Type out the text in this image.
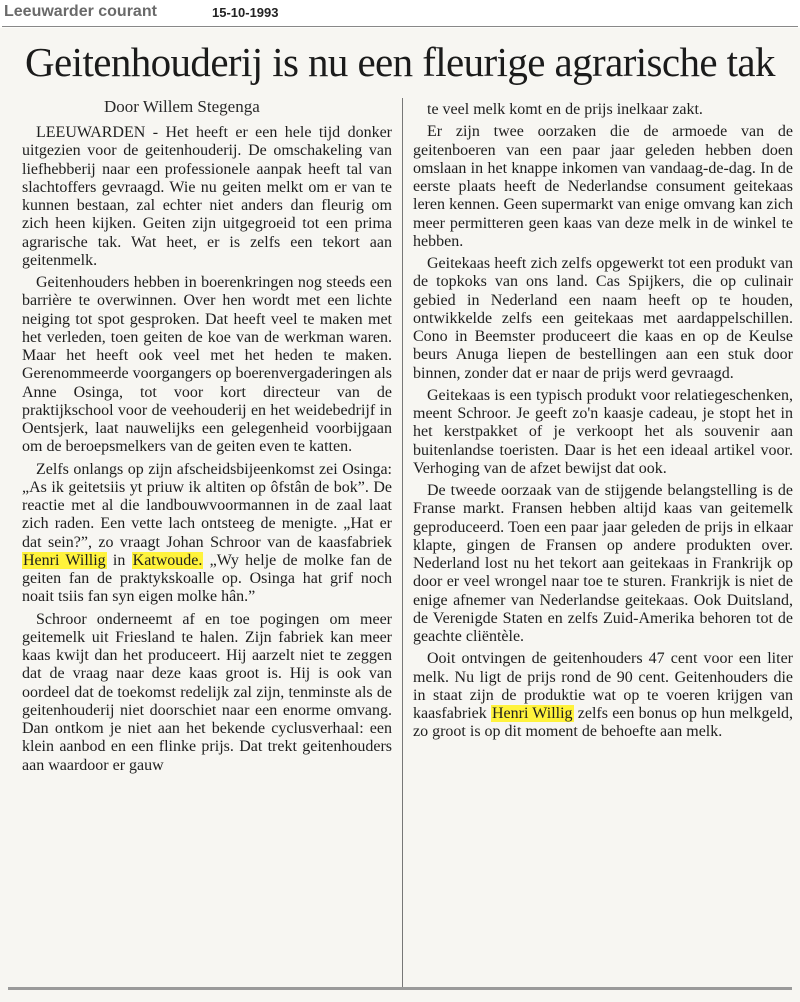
Leeuwarder courant	15-10-1993
Geitenhouderij is nu een fleurige agrarische tak
Door Willem Stegenga

LEEUWARDEN - Het heeft er een hele tijd donker uitgezien voor de geitenhouderij. De omschakeling van liefhebberij naar een professionele aanpak heeft tal van slachtoffers gevraagd. Wie nu geiten melkt om er van te kunnen bestaan, zal echter niet anders dan fleurig om zich heen kijken. Geiten zijn uitgegroeid tot een prima agrarische tak. Wat heet, er is zelfs een tekort aan geitenmelk.

Geitenhouders hebben in boerenkringen nog steeds een barrière te overwinnen. Over hen wordt met een lichte neiging tot spot gesproken. Dat heeft veel te maken met het verleden, toen geiten de koe van de werkman waren. Maar het heeft ook veel met het heden te maken. Gerenommeerde voorgangers op boerenvergaderingen als Anne Osinga, tot voor kort directeur van de praktijkschool voor de veehouderij en het weidebedrijf in Oentsjerk, laat nauwelijks een gelegenheid voorbijgaan om de beroepsmelkers van de geiten even te katten.

Zelfs onlangs op zijn afscheidsbijeenkomst zei Osinga: „As ik geitetsiis yt priuw ik altiten op ôfstân de bok”. De reactie met al die landbouwvoormannen in de zaal laat zich raden. Een vette lach ontsteeg de menigte. „Hat er dat sein?”, zo vraagt Johan Schroor van de kaasfabriek Henri Willig in Katwoude. „Wy helje de molke fan de geiten fan de praktykskoalle op. Osinga hat grif noch noait tsiis fan syn eigen molke hân.”

Schroor onderneemt af en toe pogingen om meer geitemelk uit Friesland te halen. Zijn fabriek kan meer kaas kwijt dan het produceert. Hij aarzelt niet te zeggen dat de vraag naar deze kaas groot is. Hij is ook van oordeel dat de toekomst redelijk zal zijn, tenminste als de geitenhouderij niet doorschiet naar een enorme omvang. Dan ontkom je niet aan het bekende cyclusverhaal: een klein aanbod en een flinke prijs. Dat trekt geitenhouders aan waardoor er gauw

te veel melk komt en de prijs inelkaar zakt.

Er zijn twee oorzaken die de armoede van de geitenboeren van een paar jaar geleden hebben doen omslaan in het knappe inkomen van vandaag-de-dag. In de eerste plaats heeft de Nederlandse consument geitekaas leren kennen. Geen supermarkt van enige omvang kan zich meer permitteren geen kaas van deze melk in de winkel te hebben.

Geitekaas heeft zich zelfs opgewerkt tot een produkt van de topkoks van ons land. Cas Spijkers, die op culinair gebied in Nederland een naam heeft op te houden, ontwikkelde zelfs een geitekaas met aardappelschillen. Cono in Beemster produceert die kaas en op de Keulse beurs Anuga liepen de bestellingen aan een stuk door binnen, zonder dat er naar de prijs werd gevraagd.

Geitekaas is een typisch produkt voor relatiegeschenken, meent Schroor. Je geeft zo'n kaasje cadeau, je stopt het in het kerstpakket of je verkoopt het als souvenir aan buitenlandse toeristen. Daar is het een ideaal artikel voor. Verhoging van de afzet bewijst dat ook.

De tweede oorzaak van de stijgende belangstelling is de Franse markt. Fransen hebben altijd kaas van geitemelk geproduceerd. Toen een paar jaar geleden de prijs in elkaar klapte, gingen de Fransen op andere produkten over. Nederland lost nu het tekort aan geitekaas in Frankrijk op door er veel wrongel naar toe te sturen. Frankrijk is niet de enige afnemer van Nederlandse geitekaas. Ook Duitsland, de Verenigde Staten en zelfs Zuid-Amerika behoren tot de geachte cliëntèle.

Ooit ontvingen de geitenhouders 47 cent voor een liter melk. Nu ligt de prijs rond de 90 cent. Geitenhouders die in staat zijn de produktie wat op te voeren krijgen van kaasfabriek Henri Willig zelfs een bonus op hun melkgeld, zo groot is op dit moment de behoefte aan melk.
